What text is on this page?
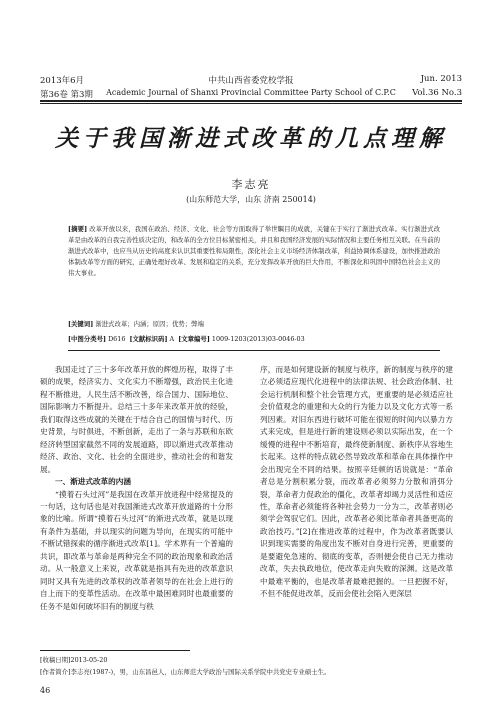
2013年6月	中共山西省委党校学报	Jun. 2013
第36卷 第3期	Academic Journal of Shanxi Provincial Committee Party School of C.P.C	Vol.36 No.3
关于我国渐进式改革的几点理解
李志亮
(山东师范大学，山东 济南 250014)
[摘要] 改革开放以来，我国在政治、经济、文化、社会等方面取得了举世瞩目的成就，关键在于实行了渐进式改革。实行渐进式改革是由改革的自我完善性质决定的，和改革的全方位目标紧密相关，并且和我国经济发展的实际情况和主要任务相互关联。在当前的渐进式改革中，也应当从历史的高度来认识其重要性和局限性，深化社会主义市场经济体制改革，利益协调体系建设，加快推进政治体制改革等方面的研究，正确处理好改革、发展和稳定的关系，充分发挥改革开放的巨大作用，不断深化和巩固中国特色社会主义的伟大事业。
[关键词] 渐进式改革；内涵；原因；优势；弊端
[中图分类号] D616 [文献标识码] A [文章编号] 1009-1203(2013)03-0046-03

我国走过了三十多年改革开放的辉煌历程，取得了丰硕的成果，经济实力、文化实力不断增强，政治民主化进程不断推进，人民生活不断改善，综合国力、国际地位、国际影响力不断提升。总结三十多年来改革开放的经验，我们取得这些成就的关键在于结合自己的国情与时代、历史背景，与时俱进，不断创新，走出了一条与苏联和东欧经济转型国家截然不同的发展道路，即以渐进式改革推动经济、政治、文化、社会的全面进步，推动社会的和谐发展。

一、渐进式改革的内涵

“摸着石头过河”是我国在改革开放进程中经常提及的一句话，这句话也是对我国渐进式改革开放道路的十分形象的比喻。所谓“摸着石头过河”的渐进式改革，就是以现有条件为基础，并以现实的问题为导向，在现实的可能中不断试错探索的循序渐进式改革[1]。学术界有一个普遍的共识，即改革与革命是两种完全不同的政治现象和政治活动。从一般意义上来说，改革就是指具有先进的改革意识同时又具有先进的改革权的改革者领导的在社会上进行的自上而下的变革性活动。在改革中最困难同时也最重要的任务不是如何破坏旧有的制度与秩

序，而是如何建设新的制度与秩序，新的制度与秩序的建立必须适应现代化进程中的法律法规、社会政治体制、社会运行机制和整个社会管理方式，更重要的是必须适应社会价值观念的重建和大众的行为能力以及文化方式等一系列因素。对旧东西进行破坏可能在很短的时间内以暴力方式来完成，但是进行新的建设则必须以实际出发，在一个缓慢的进程中不断培育，最终使新制度、新秩序从容地生长起来。这样的特点就必然导致改革和革命在具体操作中会出现完全不同的结果。按照辛廷顿的话说就是：“革命者总是分割积累分裂，而改革者必须努力分散和消弭分裂，革命者力促政治的僵化，改革者却竭力灵活性和适应性，革命者必须能将各种社会势力一分为二，改革者则必须学会驾驭它们。因此，改革者必须比革命者具备更高的政治技巧。”[2]在推进改革的过程中，作为改革者既要认识到现实需要的角度出发不断对自身进行完善，更重要的是要避免急速的、彻底的变革，否则便会使自己无力推动改革，失去执政地位，使改革走向失败的深渊。这是改革中最难平衡的，也是改革者最难把握的。一旦把握不好，不但不能促进改革，反而会使社会陷入更深层

[收稿日期]2013-05-20
[作者简介]李志亮(1987-)，男，山东昌邑人，山东师范大学政治与国际关系学院中共党史专业硕士生。
46
